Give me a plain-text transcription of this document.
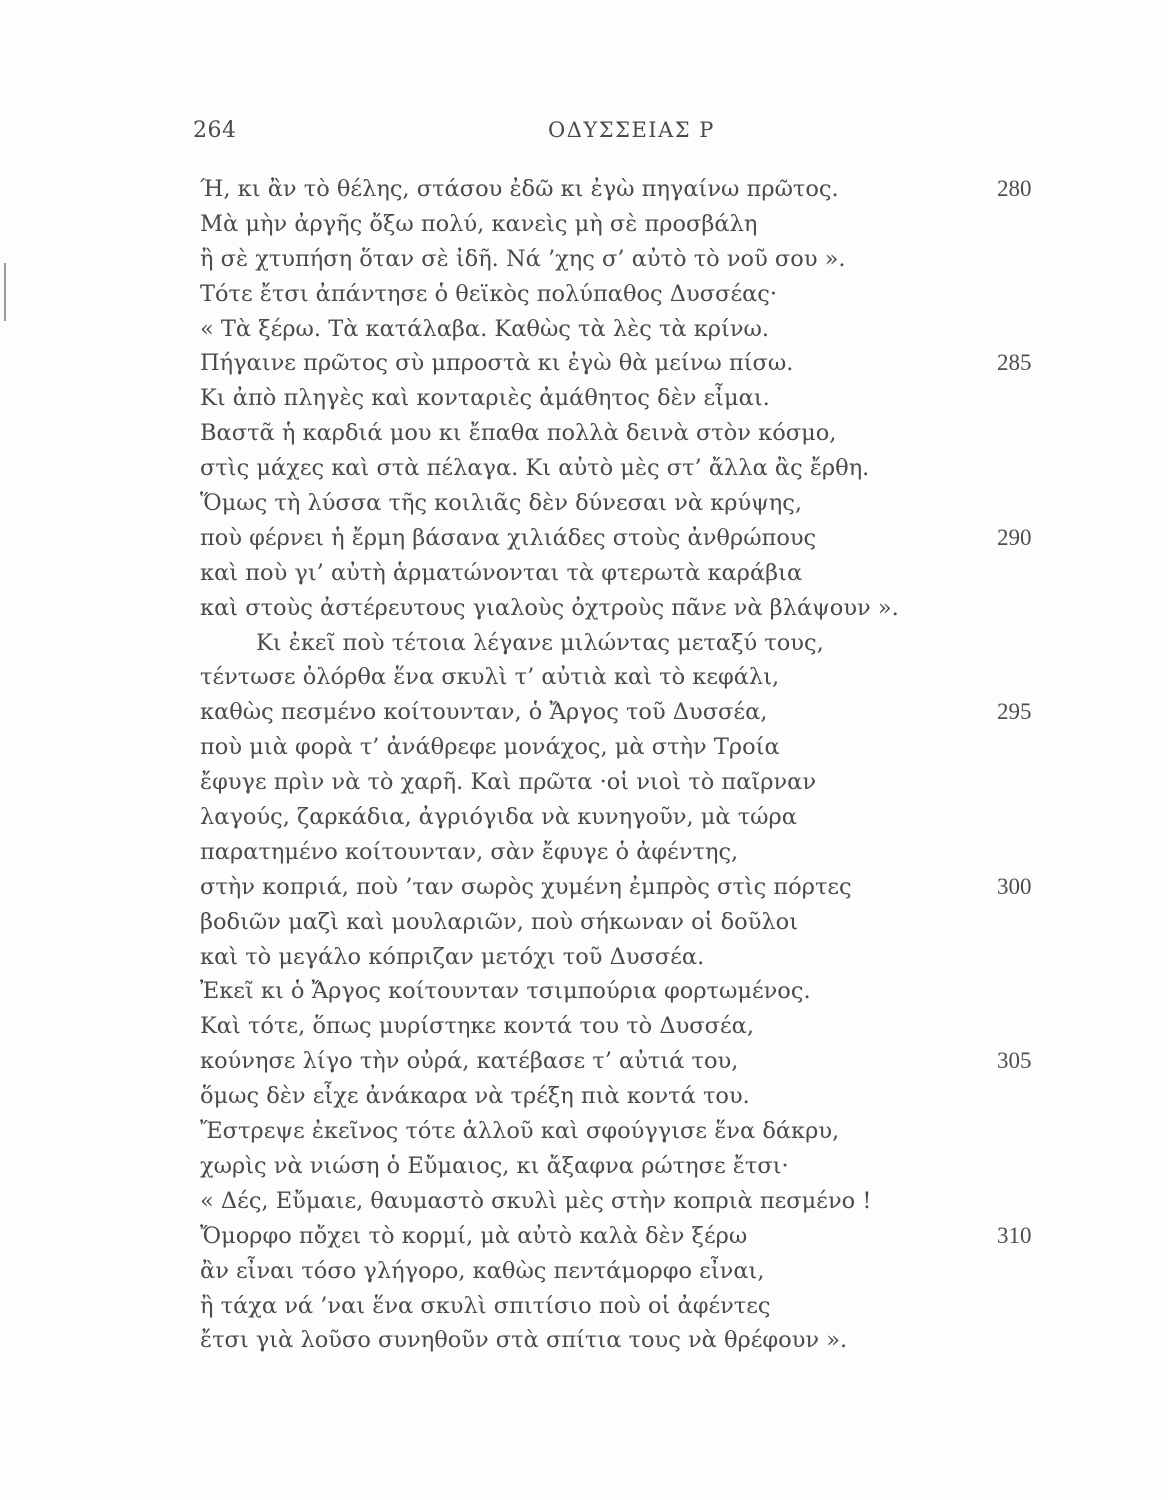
264	ΟΔΥΣΣΕΙΑΣ Ρ
Ή, κι ἂν τὸ θέλης, στάσου ἐδῶ κι ἐγὼ πηγαίνω πρῶτος.	280
Μὰ μὴν ἀργῆς ὄξω πολύ, κανεὶς μὴ σὲ προσβάλη
ἢ σὲ χτυπήση ὅταν σὲ ἰδῆ. Νά ’χης σ’ αὐτὸ τὸ νοῦ σου ».
Τότε ἔτσι ἀπάντησε ὁ θεϊκὸς πολύπαθος Δυσσέας·
« Τὰ ξέρω. Τὰ κατάλαβα. Καθὼς τὰ λὲς τὰ κρίνω.
Πήγαινε πρῶτος σὺ μπροστὰ κι ἐγὼ θὰ μείνω πίσω.	285
Κι ἀπὸ πληγὲς καὶ κονταριὲς ἀμάθητος δὲν εἶμαι.
Βαστᾶ ἡ καρδιά μου κι ἔπαθα πολλὰ δεινὰ στὸν κόσμο,
στὶς μάχες καὶ στὰ πέλαγα. Κι αὐτὸ μὲς στ’ ἄλλα ἂς ἔρθη.
Ὅμως τὴ λύσσα τῆς κοιλιᾶς δὲν δύνεσαι νὰ κρύψης,
ποὺ φέρνει ἡ ἔρμη βάσανα χιλιάδες στοὺς ἀνθρώπους	290
καὶ ποὺ γι’ αὐτὴ ἁρματώνονται τὰ φτερωτὰ καράβια
καὶ στοὺς ἀστέρευτους γιαλοὺς ὀχτροὺς πᾶνε νὰ βλάψουν ».
Κι ἐκεῖ ποὺ τέτοια λέγανε μιλώντας μεταξύ τους,
τέντωσε ὀλόρθα ἕνα σκυλὶ τ’ αὐτιὰ καὶ τὸ κεφάλι,
καθὼς πεσμένο κοίτουνταν, ὁ Ἄργος τοῦ Δυσσέα,	295
ποὺ μιὰ φορὰ τ’ ἀνάθρεφε μονάχος, μὰ στὴν Τροία
ἔφυγε πρὶν νὰ τὸ χαρῆ. Καὶ πρῶτα ·οἱ νιοὶ τὸ παῖρναν
λαγούς, ζαρκάδια, ἀγριόγιδα νὰ κυνηγοῦν, μὰ τώρα
παρατημένο κοίτουνταν, σὰν ἔφυγε ὁ ἀφέντης,
στὴν κοπριά, ποὺ ’ταν σωρὸς χυμένη ἐμπρὸς στὶς πόρτες	300
βοδιῶν μαζὶ καὶ μουλαριῶν, ποὺ σήκωναν οἱ δοῦλοι
καὶ τὸ μεγάλο κόπριζαν μετόχι τοῦ Δυσσέα.
Ἐκεῖ κι ὁ Ἄργος κοίτουνταν τσιμπούρια φορτωμένος.
Καὶ τότε, ὅπως μυρίστηκε κοντά του τὸ Δυσσέα,
κούνησε λίγο τὴν οὐρά, κατέβασε τ’ αὐτιά του,	305
ὅμως δὲν εἶχε ἀνάκαρα νὰ τρέξη πιὰ κοντά του.
Ἔστρεψε ἐκεῖνος τότε ἀλλοῦ καὶ σφούγγισε ἕνα δάκρυ,
χωρὶς νὰ νιώση ὁ Εὔμαιος, κι ἄξαφνα ρώτησε ἔτσι·
« Δές, Εὔμαιε, θαυμαστὸ σκυλὶ μὲς στὴν κοπριὰ πεσμένο !
Ὄμορφο πὄχει τὸ κορμί, μὰ αὐτὸ καλὰ δὲν ξέρω	310
ἂν εἶναι τόσο γλήγορο, καθὼς πεντάμορφο εἶναι,
ἢ τάχα νά ’ναι ἕνα σκυλὶ σπιτίσιο ποὺ οἱ ἀφέντες
ἔτσι γιὰ λοῦσο συνηθοῦν στὰ σπίτια τους νὰ θρέφουν ».
